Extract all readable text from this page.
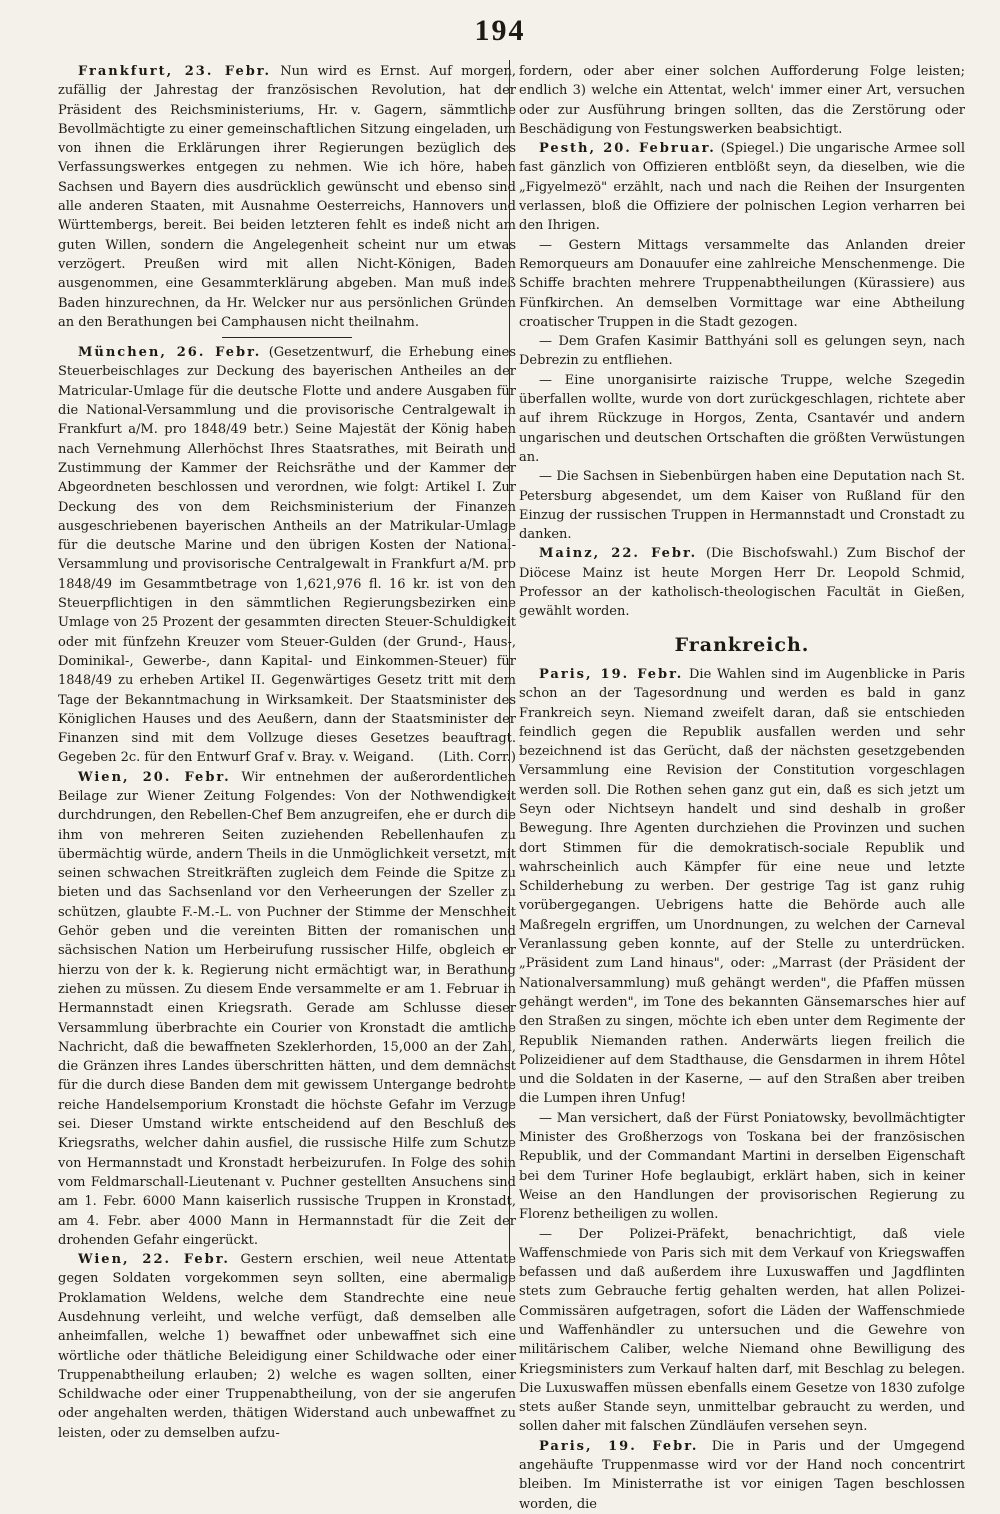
194

Frankfurt, 23. Febr. Nun wird es Ernst. Auf morgen, zufällig der Jahrestag der französischen Revolution, hat der Präsident des Reichsministeriums, Hr. v. Gagern, sämmtliche Bevollmächtigte zu einer gemeinschaftlichen Sitzung eingeladen, um von ihnen die Erklärungen ihrer Regierungen bezüglich des Verfassungswerkes entgegen zu nehmen. Wie ich höre, haben Sachsen und Bayern dies ausdrücklich gewünscht und ebenso sind alle anderen Staaten, mit Ausnahme Oesterreichs, Hannovers und Württembergs, bereit. Bei beiden letzteren fehlt es indeß nicht am guten Willen, sondern die Angelegenheit scheint nur um etwas verzögert. Preußen wird mit allen Nicht-Königen, Baden ausgenommen, eine Gesammterklärung abgeben. Man muß indeß Baden hinzurechnen, da Hr. Welcker nur aus persönlichen Gründen an den Berathungen bei Camphausen nicht theilnahm.

München, 26. Febr. (Gesetzentwurf, die Erhebung eines Steuerbeischlages zur Deckung des bayerischen Antheiles an der Matricular-Umlage für die deutsche Flotte und andere Ausgaben für die National-Versammlung und die provisorische Centralgewalt in Frankfurt a/M. pro 1848/49 betr.) Seine Majestät der König haben nach Vernehmung Allerhöchst Ihres Staatsrathes, mit Beirath und Zustimmung der Kammer der Reichsräthe und der Kammer der Abgeordneten beschlossen und verordnen, wie folgt: Artikel I. Zur Deckung des von dem Reichsministerium der Finanzen ausgeschriebenen bayerischen Antheils an der Matrikular-Umlage für die deutsche Marine und den übrigen Kosten der National-Versammlung und provisorische Centralgewalt in Frankfurt a/M. pro 1848/49 im Gesammtbetrage von 1,621,976 fl. 16 kr. ist von den Steuerpflichtigen in den sämmtlichen Regierungsbezirken eine Umlage von 25 Prozent der gesammten directen Steuer-Schuldigkeit oder mit fünfzehn Kreuzer vom Steuer-Gulden (der Grund-, Haus-, Dominikal-, Gewerbe-, dann Kapital- und Einkommen-Steuer) für 1848/49 zu erheben Artikel II. Gegenwärtiges Gesetz tritt mit dem Tage der Bekanntmachung in Wirksamkeit. Der Staatsminister des Königlichen Hauses und des Aeußern, dann der Staatsminister der Finanzen sind mit dem Vollzuge dieses Gesetzes beauftragt. Gegeben 2c. für den Entwurf Graf v. Bray. v. Weigand.	(Lith. Corr.)

Wien, 20. Febr. Wir entnehmen der außerordentlichen Beilage zur Wiener Zeitung Folgendes: Von der Nothwendigkeit durchdrungen, den Rebellen-Chef Bem anzugreifen, ehe er durch die ihm von mehreren Seiten zuziehenden Rebellenhaufen zu übermächtig würde, andern Theils in die Unmöglichkeit versetzt, mit seinen schwachen Streitkräften zugleich dem Feinde die Spitze zu bieten und das Sachsenland vor den Verheerungen der Szeller zu schützen, glaubte F.-M.-L. von Puchner der Stimme der Menschheit Gehör geben und die vereinten Bitten der romanischen und sächsischen Nation um Herbeirufung russischer Hilfe, obgleich er hierzu von der k. k. Regierung nicht ermächtigt war, in Berathung ziehen zu müssen. Zu diesem Ende versammelte er am 1. Februar in Hermannstadt einen Kriegsrath. Gerade am Schlusse dieser Versammlung überbrachte ein Courier von Kronstadt die amtliche Nachricht, daß die bewaffneten Szeklerhorden, 15,000 an der Zahl, die Gränzen ihres Landes überschritten hätten, und dem demnächst für die durch diese Banden dem mit gewissem Untergange bedrohte reiche Handelsemporium Kronstadt die höchste Gefahr im Verzuge sei. Dieser Umstand wirkte entscheidend auf den Beschluß des Kriegsraths, welcher dahin ausfiel, die russische Hilfe zum Schutze von Hermannstadt und Kronstadt herbeizurufen. In Folge des sohin vom Feldmarschall-Lieutenant v. Puchner gestellten Ansuchens sind am 1. Febr. 6000 Mann kaiserlich russische Truppen in Kronstadt, am 4. Febr. aber 4000 Mann in Hermannstadt für die Zeit der drohenden Gefahr eingerückt.

Wien, 22. Febr. Gestern erschien, weil neue Attentate gegen Soldaten vorgekommen seyn sollten, eine abermalige Proklamation Weldens, welche dem Standrechte eine neue Ausdehnung verleiht, und welche verfügt, daß demselben alle anheimfallen, welche 1) bewaffnet oder unbewaffnet sich eine wörtliche oder thätliche Beleidigung einer Schildwache oder einer Truppenabtheilung erlauben; 2) welche es wagen sollten, einer Schildwache oder einer Truppenabtheilung, von der sie angerufen oder angehalten werden, thätigen Widerstand auch unbewaffnet zu leisten, oder zu demselben aufzu-

fordern, oder aber einer solchen Aufforderung Folge leisten; endlich 3) welche ein Attentat, welch' immer einer Art, versuchen oder zur Ausführung bringen sollten, das die Zerstörung oder Beschädigung von Festungswerken beabsichtigt.

Pesth, 20. Februar. (Spiegel.) Die ungarische Armee soll fast gänzlich von Offizieren entblößt seyn, da dieselben, wie die „Figyelmezö" erzählt, nach und nach die Reihen der Insurgenten verlassen, bloß die Offiziere der polnischen Legion verharren bei den Ihrigen.

— Gestern Mittags versammelte das Anlanden dreier Remorqueurs am Donauufer eine zahlreiche Menschenmenge. Die Schiffe brachten mehrere Truppenabtheilungen (Kürassiere) aus Fünfkirchen. An demselben Vormittage war eine Abtheilung croatischer Truppen in die Stadt gezogen.

— Dem Grafen Kasimir Batthyáni soll es gelungen seyn, nach Debrezin zu entfliehen.

— Eine unorganisirte raizische Truppe, welche Szegedin überfallen wollte, wurde von dort zurückgeschlagen, richtete aber auf ihrem Rückzuge in Horgos, Zenta, Csantavér und andern ungarischen und deutschen Ortschaften die größten Verwüstungen an.

— Die Sachsen in Siebenbürgen haben eine Deputation nach St. Petersburg abgesendet, um dem Kaiser von Rußland für den Einzug der russischen Truppen in Hermannstadt und Cronstadt zu danken.

Mainz, 22. Febr. (Die Bischofswahl.) Zum Bischof der Diöcese Mainz ist heute Morgen Herr Dr. Leopold Schmid, Professor an der katholisch-theologischen Facultät in Gießen, gewählt worden.

Frankreich.

Paris, 19. Febr. Die Wahlen sind im Augenblicke in Paris schon an der Tagesordnung und werden es bald in ganz Frankreich seyn. Niemand zweifelt daran, daß sie entschieden feindlich gegen die Republik ausfallen werden und sehr bezeichnend ist das Gerücht, daß der nächsten gesetzgebenden Versammlung eine Revision der Constitution vorgeschlagen werden soll. Die Rothen sehen ganz gut ein, daß es sich jetzt um Seyn oder Nichtseyn handelt und sind deshalb in großer Bewegung. Ihre Agenten durchziehen die Provinzen und suchen dort Stimmen für die demokratisch-sociale Republik und wahrscheinlich auch Kämpfer für eine neue und letzte Schilderhebung zu werben. Der gestrige Tag ist ganz ruhig vorübergegangen. Uebrigens hatte die Behörde auch alle Maßregeln ergriffen, um Unordnungen, zu welchen der Carneval Veranlassung geben konnte, auf der Stelle zu unterdrücken. „Präsident zum Land hinaus", oder: „Marrast (der Präsident der Nationalversammlung) muß gehängt werden", die Pfaffen müssen gehängt werden", im Tone des bekannten Gänsemarsches hier auf den Straßen zu singen, möchte ich eben unter dem Regimente der Republik Niemanden rathen. Anderwärts liegen freilich die Polizeidiener auf dem Stadthause, die Gensdarmen in ihrem Hôtel und die Soldaten in der Kaserne, — auf den Straßen aber treiben die Lumpen ihren Unfug!

— Man versichert, daß der Fürst Poniatowsky, bevollmächtigter Minister des Großherzogs von Toskana bei der französischen Republik, und der Commandant Martini in derselben Eigenschaft bei dem Turiner Hofe beglaubigt, erklärt haben, sich in keiner Weise an den Handlungen der provisorischen Regierung zu Florenz betheiligen zu wollen.

— Der Polizei-Präfekt, benachrichtigt, daß viele Waffenschmiede von Paris sich mit dem Verkauf von Kriegswaffen befassen und daß außerdem ihre Luxuswaffen und Jagdflinten stets zum Gebrauche fertig gehalten werden, hat allen Polizei-Commissären aufgetragen, sofort die Läden der Waffenschmiede und Waffenhändler zu untersuchen und die Gewehre von militärischem Caliber, welche Niemand ohne Bewilligung des Kriegsministers zum Verkauf halten darf, mit Beschlag zu belegen. Die Luxuswaffen müssen ebenfalls einem Gesetze von 1830 zufolge stets außer Stande seyn, unmittelbar gebraucht zu werden, und sollen daher mit falschen Zündläufen versehen seyn.

Paris, 19. Febr. Die in Paris und der Umgegend angehäufte Truppenmasse wird vor der Hand noch concentrirt bleiben. Im Ministerrathe ist vor einigen Tagen beschlossen worden, die
